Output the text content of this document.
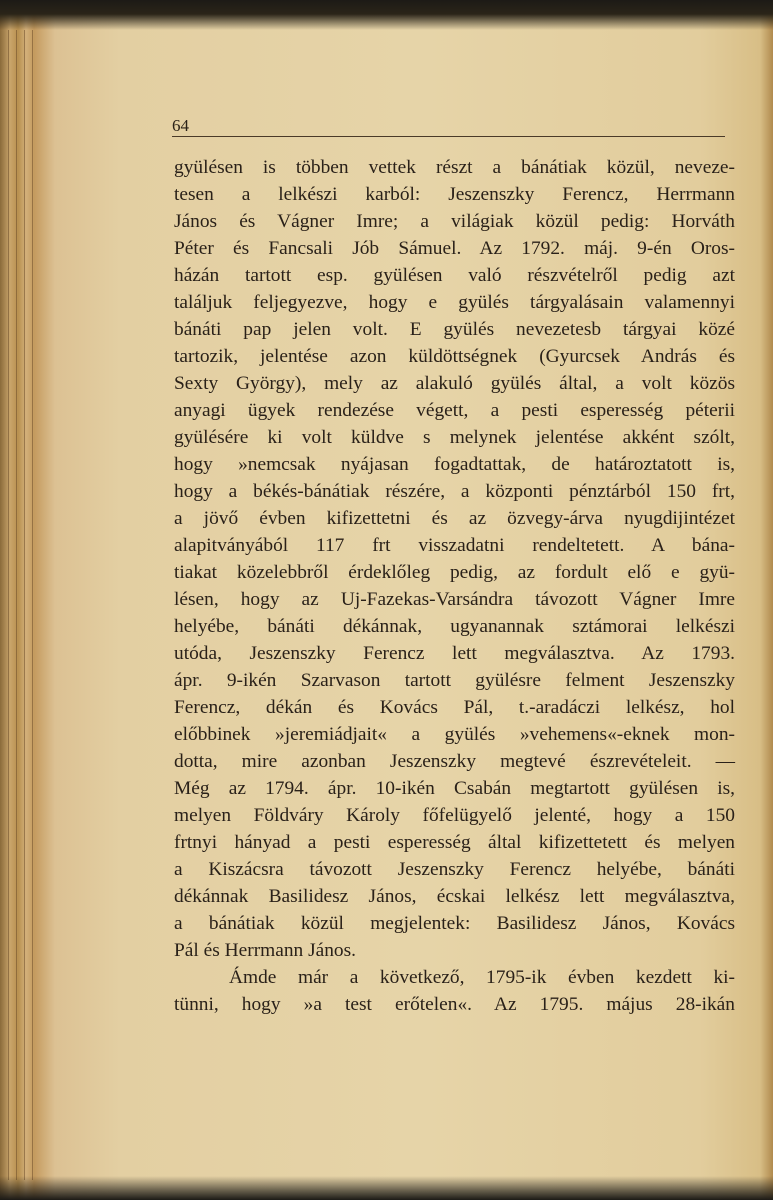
64
gyülésen is többen vettek részt a bánátiak közül, neveze-
tesen a lelkészi karból: Jeszenszky Ferencz, Herrmann
János és Vágner Imre; a világiak közül pedig: Horváth
Péter és Fancsali Jób Sámuel. Az 1792. máj. 9-én Oros-
házán tartott esp. gyülésen való részvételről pedig azt
találjuk feljegyezve, hogy e gyülés tárgyalásain valamennyi
bánáti pap jelen volt. E gyülés nevezetesb tárgyai közé
tartozik, jelentése azon küldöttségnek (Gyurcsek András és
Sexty György), mely az alakuló gyülés által, a volt közös
anyagi ügyek rendezése végett, a pesti esperesség péterii
gyülésére ki volt küldve s melynek jelentése akként szólt,
hogy »nemcsak nyájasan fogadtattak, de határoztatott is,
hogy a békés-bánátiak részére, a központi pénztárból 150 frt,
a jövő évben kifizettetni és az özvegy-árva nyugdijintézet
alapitványából 117 frt visszadatni rendeltetett. A bána-
tiakat közelebbről érdeklőleg pedig, az fordult elő e gyü-
lésen, hogy az Uj-Fazekas-Varsándra távozott Vágner Imre
helyébe, bánáti dékánnak, ugyanannak sztámorai lelkészi
utóda, Jeszenszky Ferencz lett megválasztva. Az 1793.
ápr. 9-ikén Szarvason tartott gyülésre felment Jeszenszky
Ferencz, dékán és Kovács Pál, t.-aradáczi lelkész, hol
előbbinek »jeremiádjait« a gyülés »vehemens«-eknek mon-
dotta, mire azonban Jeszenszky megtevé észrevételeit. —
Még az 1794. ápr. 10-ikén Csabán megtartott gyülésen is,
melyen Földváry Károly főfelügyelő jelenté, hogy a 150
frtnyi hányad a pesti esperesség által kifizettetett és melyen
a Kiszácsra távozott Jeszenszky Ferencz helyébe, bánáti
dékánnak Basilidesz János, écskai lelkész lett megválasztva,
a bánátiak közül megjelentek: Basilidesz János, Kovács
Pál és Herrmann János.
Ámde már a következő, 1795-ik évben kezdett ki-
tünni, hogy »a test erőtelen«. Az 1795. május 28-ikán
